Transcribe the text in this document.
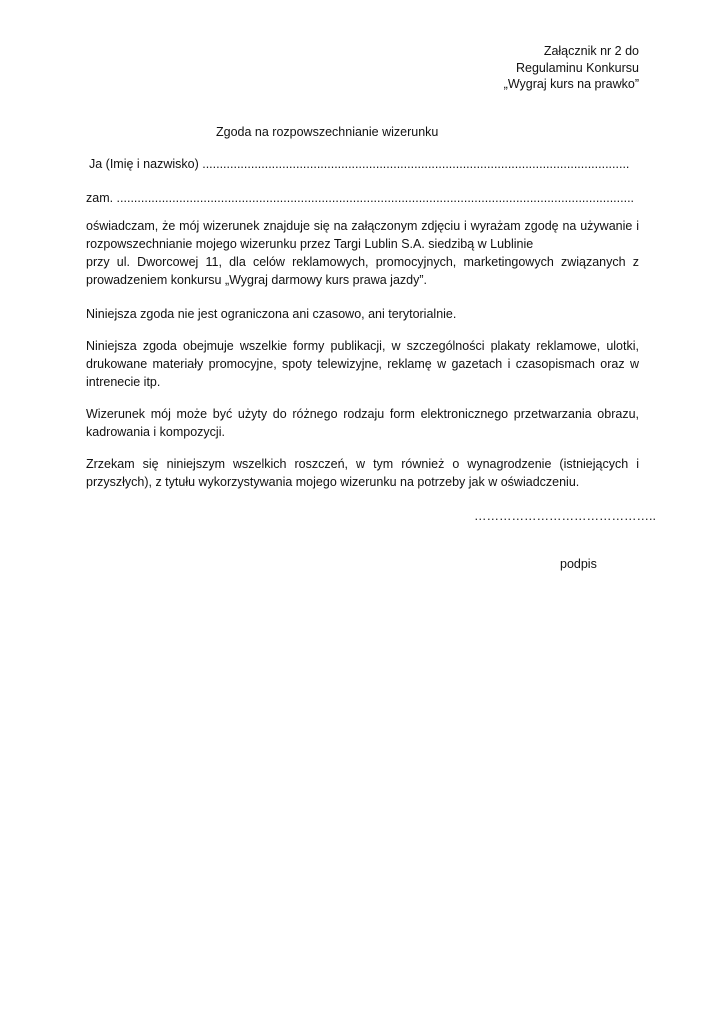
Załącznik nr 2 do
Regulaminu Konkursu
„Wygraj kurs na prawko”
Zgoda na rozpowszechnianie wizerunku
Ja (Imię i nazwisko) ...........................................................................................................................
zam. .....................................................................................................................................................
oświadczam, że mój wizerunek znajduje się na załączonym zdjęciu i wyrażam zgodę na używanie i
rozpowszechnianie mojego wizerunku przez Targi Lublin S.A. siedzibą w Lublinie
przy ul. Dworcowej 11, dla celów reklamowych, promocyjnych, marketingowych związanych z
prowadzeniem konkursu „Wygraj darmowy kurs prawa jazdy”.

Niniejsza zgoda nie jest ograniczona ani czasowo, ani terytorialnie.

Niniejsza zgoda obejmuje wszelkie formy publikacji, w szczególności plakaty reklamowe, ulotki, drukowane materiały promocyjne, spoty telewizyjne, reklamę w gazetach i czasopismach oraz w intrenecie itp.

Wizerunek mój może być użyty do różnego rodzaju form elektronicznego przetwarzania obrazu, kadrowania i kompozycji.

Zrzekam się niniejszym wszelkich roszczeń, w tym również o wynagrodzenie (istniejących i przyszłych), z tytułu wykorzystywania mojego wizerunku na potrzeby jak w oświadczeniu.

……………………………………..
podpis
